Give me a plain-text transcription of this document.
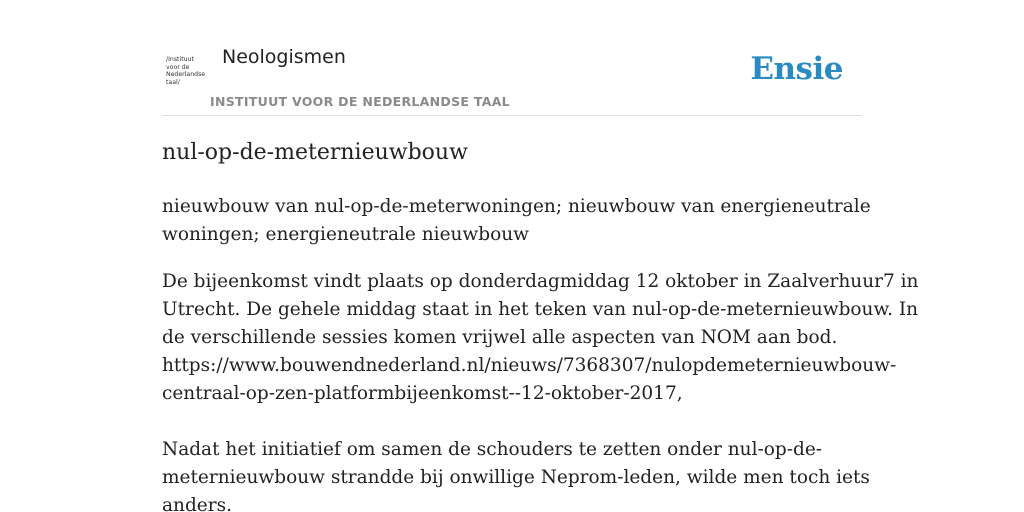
/Instituut
voor de
Nederlandse
taal/
Neologismen
INSTITUUT VOOR DE NEDERLANDSE TAAL
Ensie
nul-op-de-meternieuwbouw

nieuwbouw van nul-op-de-meterwoningen; nieuwbouw van energieneutrale
woningen; energieneutrale nieuwbouw

De bijeenkomst vindt plaats op donderdagmiddag 12 oktober in Zaalverhuur7 in
Utrecht. De gehele middag staat in het teken van nul-op-de-meternieuwbouw. In
de verschillende sessies komen vrijwel alle aspecten van NOM aan bod.
https://www.bouwendnederland.nl/nieuws/7368307/nulopdemeternieuwbouw-
centraal-op-zen-platformbijeenkomst--12-oktober-2017,

Nadat het initiatief om samen de schouders te zetten onder nul-op-de-
meternieuwbouw strandde bij onwillige Neprom-leden, wilde men toch iets
anders.
